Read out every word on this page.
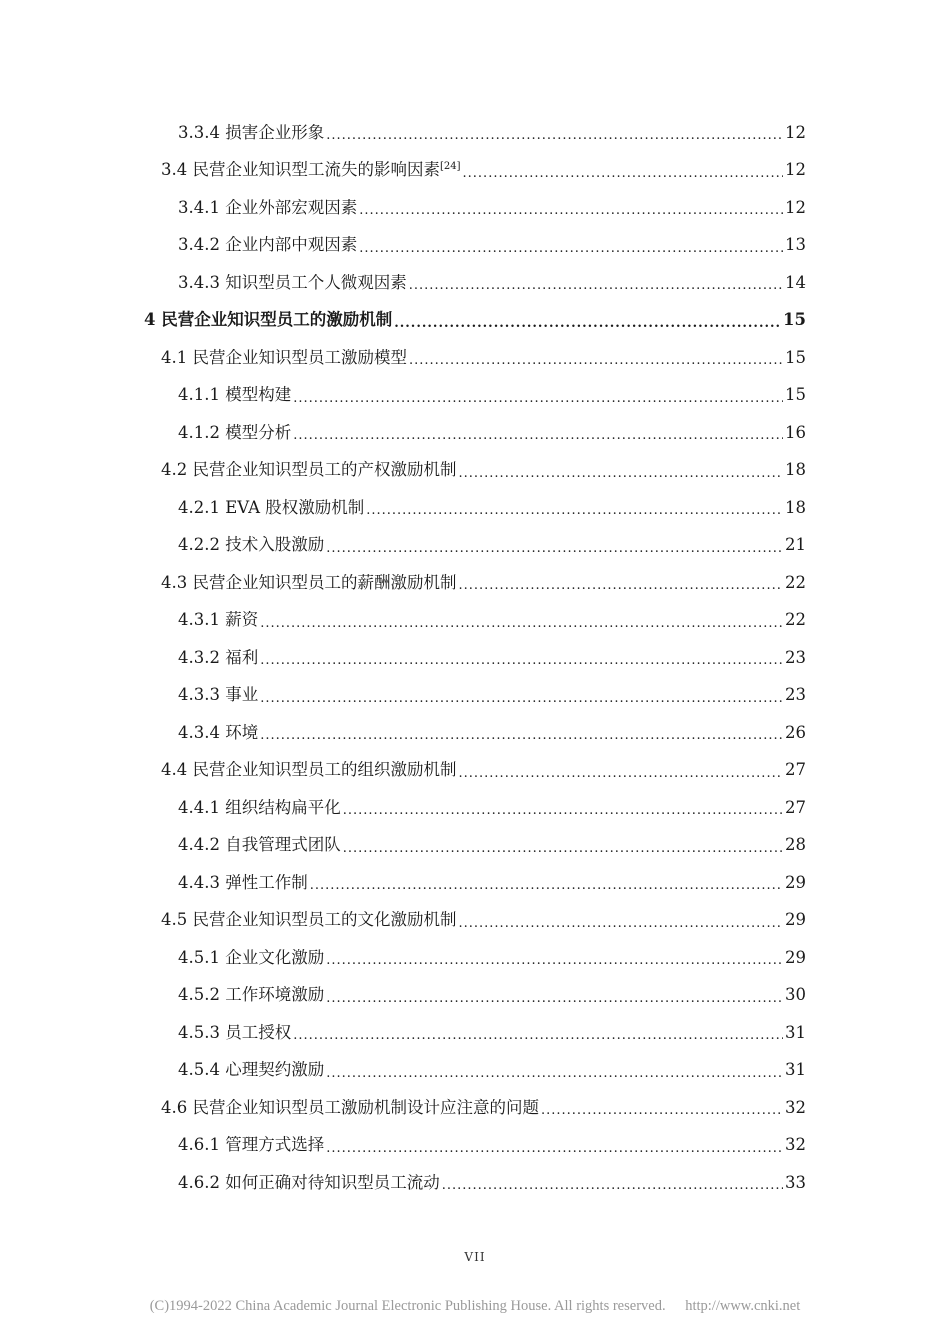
3.3.4 损害企业形象 .....	12
3.4 民营企业知识型工流失的影响因素[24] .....	12
3.4.1 企业外部宏观因素 .....	12
3.4.2 企业内部中观因素 .....	13
3.4.3 知识型员工个人微观因素 .....	14
4 民营企业知识型员工的激励机制 .....	15
4.1 民营企业知识型员工激励模型 .....	15
4.1.1 模型构建 .....	15
4.1.2 模型分析 .....	16
4.2 民营企业知识型员工的产权激励机制 .....	18
4.2.1 EVA 股权激励机制 .....	18
4.2.2 技术入股激励 .....	21
4.3 民营企业知识型员工的薪酬激励机制 .....	22
4.3.1 薪资 .....	22
4.3.2 福利 .....	23
4.3.3 事业 .....	23
4.3.4 环境 .....	26
4.4 民营企业知识型员工的组织激励机制 .....	27
4.4.1 组织结构扁平化 .....	27
4.4.2 自我管理式团队 .....	28
4.4.3 弹性工作制 .....	29
4.5 民营企业知识型员工的文化激励机制 .....	29
4.5.1 企业文化激励 .....	29
4.5.2 工作环境激励 .....	30
4.5.3 员工授权 .....	31
4.5.4 心理契约激励 .....	31
4.6 民营企业知识型员工激励机制设计应注意的问题 .....	32
4.6.1 管理方式选择 .....	32
4.6.2 如何正确对待知识型员工流动 .....	33
VII
(C)1994-2022 China Academic Journal Electronic Publishing House. All rights reserved. http://www.cnki.net
